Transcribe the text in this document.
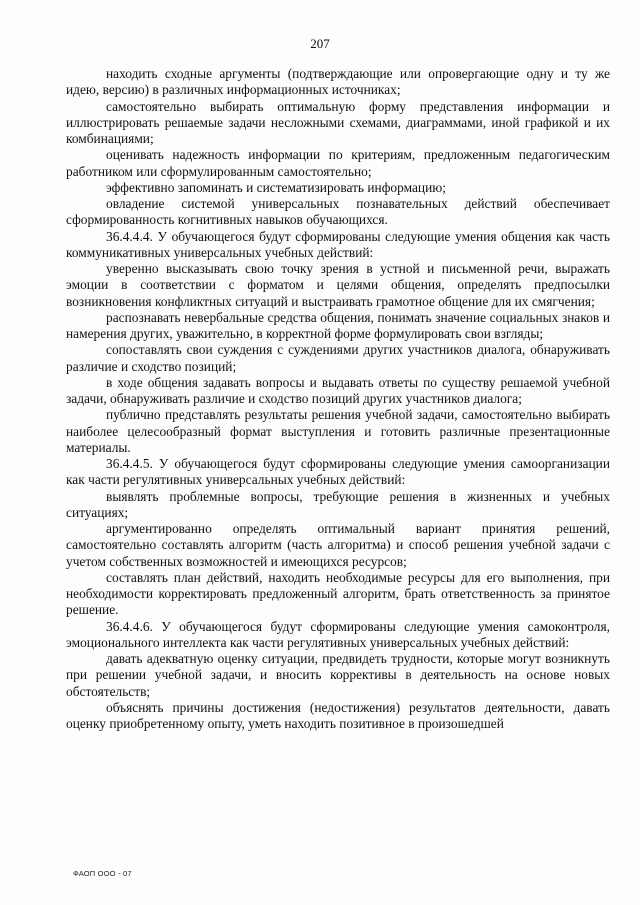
207

находить сходные аргументы (подтверждающие или опровергающие одну и ту же идею, версию) в различных информационных источниках;

самостоятельно выбирать оптимальную форму представления информации и иллюстрировать решаемые задачи несложными схемами, диаграммами, иной графикой и их комбинациями;

оценивать надежность информации по критериям, предложенным педагогическим работником или сформулированным самостоятельно;

эффективно запоминать и систематизировать информацию;

овладение системой универсальных познавательных действий обеспечивает сформированность когнитивных навыков обучающихся.

36.4.4.4. У обучающегося будут сформированы следующие умения общения как часть коммуникативных универсальных учебных действий:

уверенно высказывать свою точку зрения в устной и письменной речи, выражать эмоции в соответствии с форматом и целями общения, определять предпосылки возникновения конфликтных ситуаций и выстраивать грамотное общение для их смягчения;

распознавать невербальные средства общения, понимать значение социальных знаков и намерения других, уважительно, в корректной форме формулировать свои взгляды;

сопоставлять свои суждения с суждениями других участников диалога, обнаруживать различие и сходство позиций;

в ходе общения задавать вопросы и выдавать ответы по существу решаемой учебной задачи, обнаруживать различие и сходство позиций других участников диалога;

публично представлять результаты решения учебной задачи, самостоятельно выбирать наиболее целесообразный формат выступления и готовить различные презентационные материалы.

36.4.4.5. У обучающегося будут сформированы следующие умения самоорганизации как части регулятивных универсальных учебных действий:

выявлять проблемные вопросы, требующие решения в жизненных и учебных ситуациях;

аргументированно определять оптимальный вариант принятия решений, самостоятельно составлять алгоритм (часть алгоритма) и способ решения учебной задачи с учетом собственных возможностей и имеющихся ресурсов;

составлять план действий, находить необходимые ресурсы для его выполнения, при необходимости корректировать предложенный алгоритм, брать ответственность за принятое решение.

36.4.4.6. У обучающегося будут сформированы следующие умения самоконтроля, эмоционального интеллекта как части регулятивных универсальных учебных действий:

давать адекватную оценку ситуации, предвидеть трудности, которые могут возникнуть при решении учебной задачи, и вносить коррективы в деятельность на основе новых обстоятельств;

объяснять причины достижения (недостижения) результатов деятельности, давать оценку приобретенному опыту, уметь находить позитивное в произошедшей

ФАОП ООО - 07
